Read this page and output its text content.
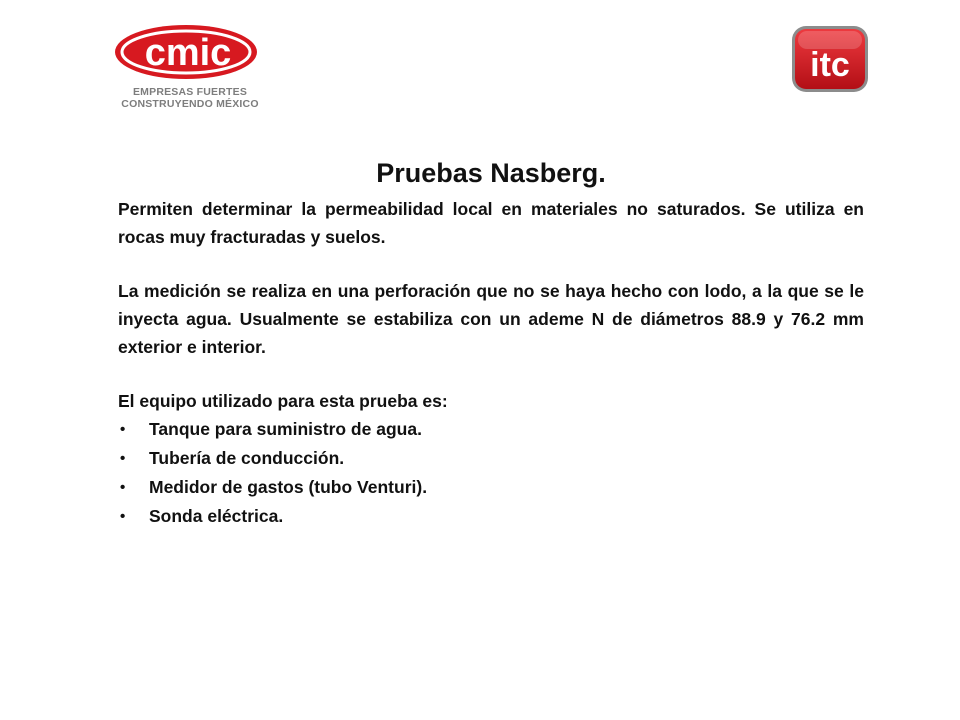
cmic
EMPRESAS FUERTES
CONSTRUYENDO MÉXICO
itc
Pruebas Nasberg.

Permiten determinar la permeabilidad local en materiales no saturados. Se utiliza en rocas muy fracturadas y suelos.

La medición se realiza en una perforación que no se haya hecho con lodo, a la que se le inyecta agua. Usualmente se estabiliza con un ademe N de diámetros 88.9 y 76.2 mm exterior e interior.

El equipo utilizado para esta prueba es:

• Tanque para suministro de agua.
• Tubería de conducción.
• Medidor de gastos (tubo Venturi).
• Sonda eléctrica.
